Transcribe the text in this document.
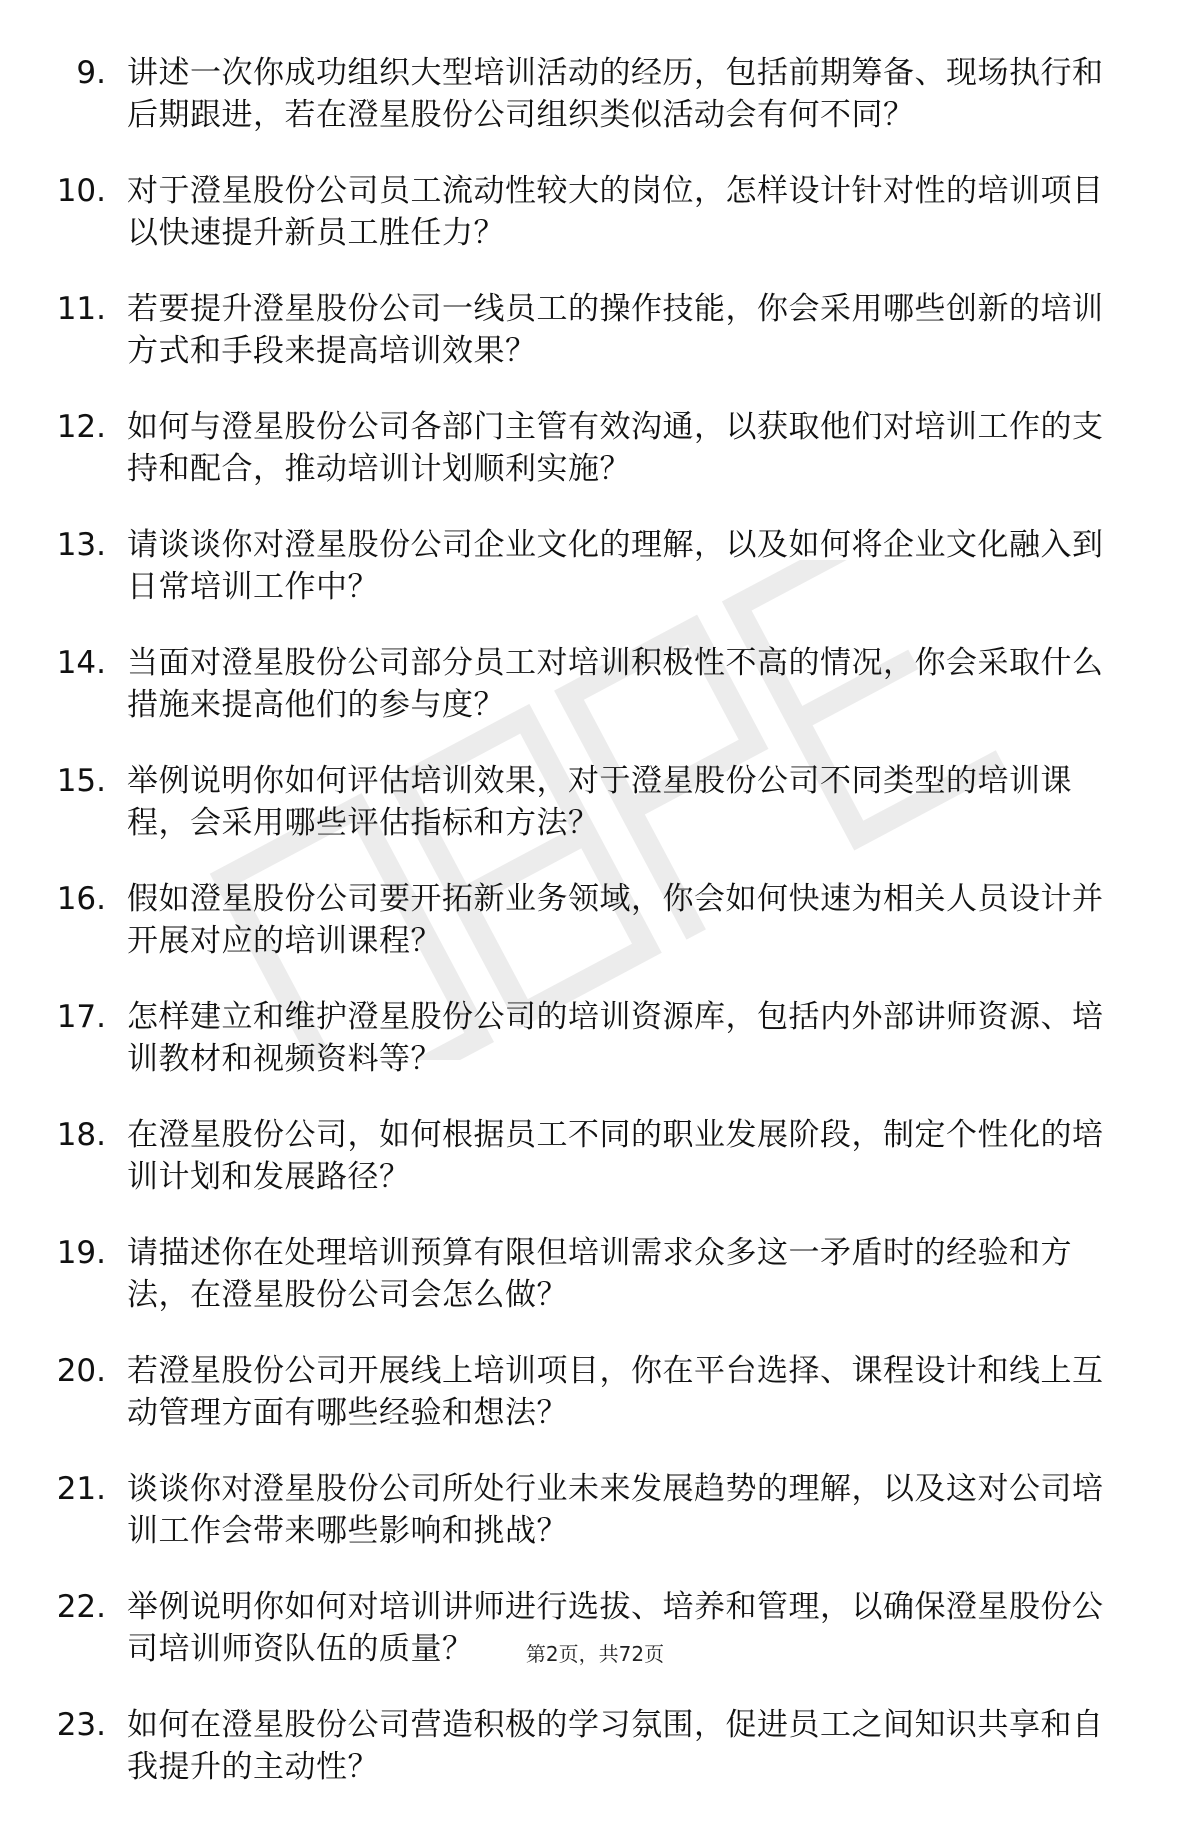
9. 讲述一次你成功组织大型培训活动的经历，包括前期筹备、现场执行和后期跟进，若在澄星股份公司组织类似活动会有何不同？
10. 对于澄星股份公司员工流动性较大的岗位，怎样设计针对性的培训项目以快速提升新员工胜任力？
11. 若要提升澄星股份公司一线员工的操作技能，你会采用哪些创新的培训方式和手段来提高培训效果？
12. 如何与澄星股份公司各部门主管有效沟通，以获取他们对培训工作的支持和配合，推动培训计划顺利实施？
13. 请谈谈你对澄星股份公司企业文化的理解，以及如何将企业文化融入到日常培训工作中？
14. 当面对澄星股份公司部分员工对培训积极性不高的情况，你会采取什么措施来提高他们的参与度？
15. 举例说明你如何评估培训效果，对于澄星股份公司不同类型的培训课程，会采用哪些评估指标和方法？
16. 假如澄星股份公司要开拓新业务领域，你会如何快速为相关人员设计并开展对应的培训课程？
17. 怎样建立和维护澄星股份公司的培训资源库，包括内外部讲师资源、培训教材和视频资料等？
18. 在澄星股份公司，如何根据员工不同的职业发展阶段，制定个性化的培训计划和发展路径？
19. 请描述你在处理培训预算有限但培训需求众多这一矛盾时的经验和方法，在澄星股份公司会怎么做？
20. 若澄星股份公司开展线上培训项目，你在平台选择、课程设计和线上互动管理方面有哪些经验和想法？
21. 谈谈你对澄星股份公司所处行业未来发展趋势的理解，以及这对公司培训工作会带来哪些影响和挑战？
22. 举例说明你如何对培训讲师进行选拔、培养和管理，以确保澄星股份公司培训师资队伍的质量？
23. 如何在澄星股份公司营造积极的学习氛围，促进员工之间知识共享和自我提升的主动性？
第2页，共72页
